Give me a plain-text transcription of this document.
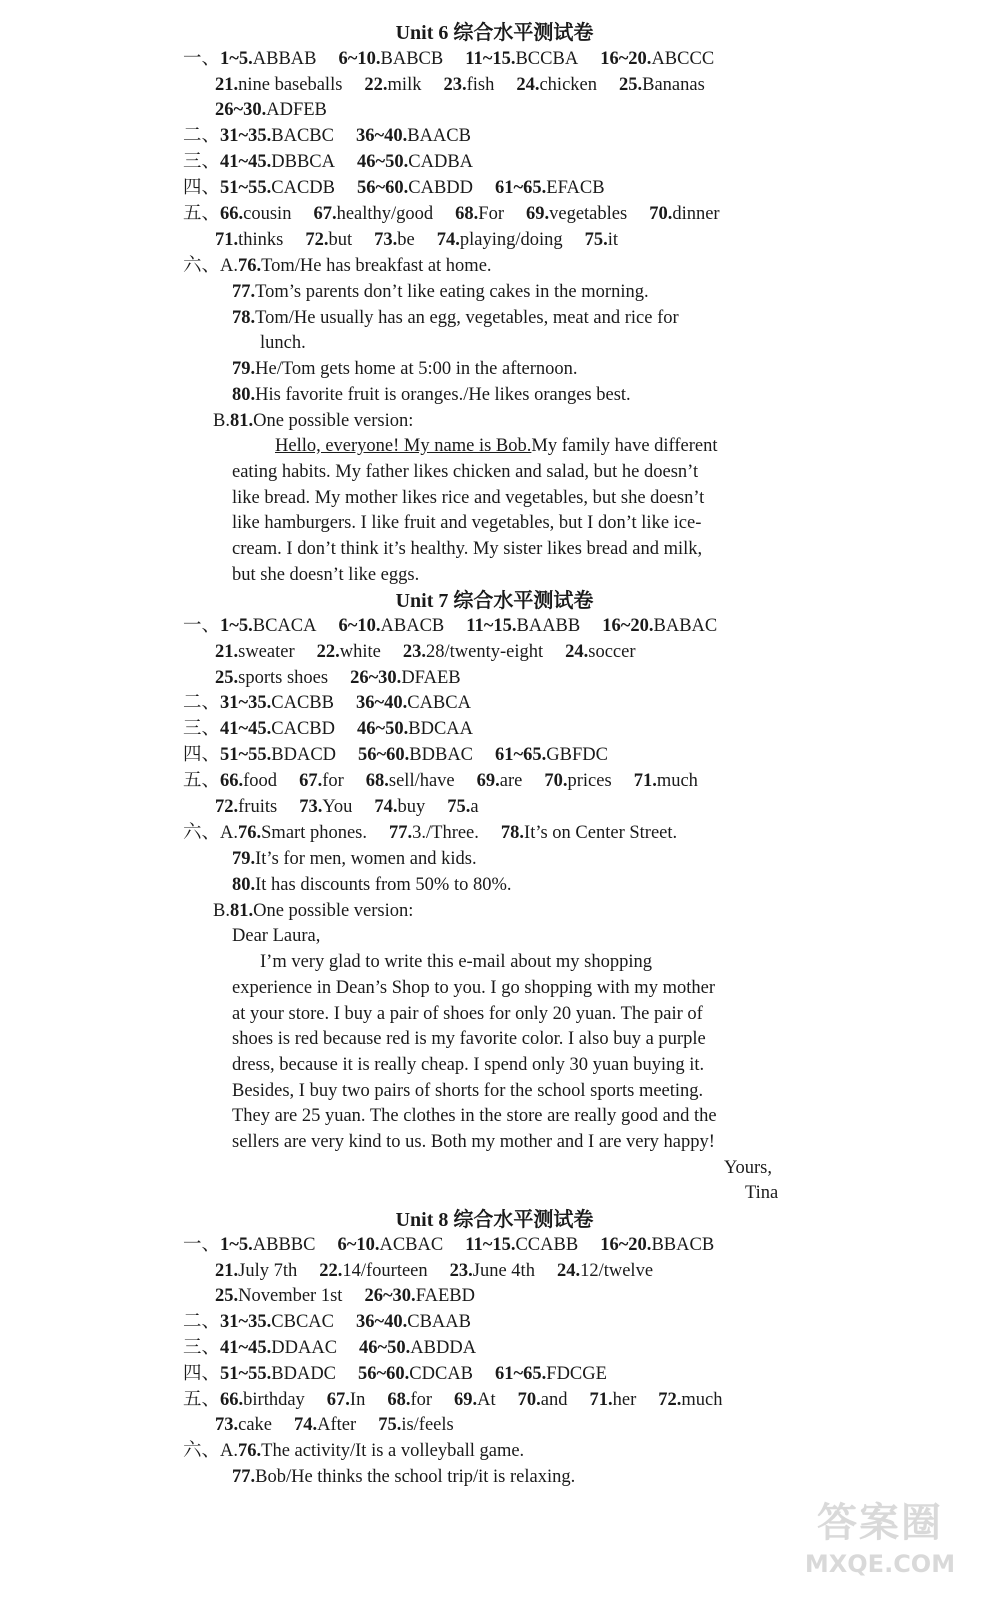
Unit 6 综合水平测试卷
一、1~5.ABBAB 6~10.BABCB 11~15.BCCBA 16~20.ABCCC
21.nine baseballs 22.milk 23.fish 24.chicken 25.Bananas
26~30.ADFEB
二、31~35.BACBC 36~40.BAACB
三、41~45.DBBCA 46~50.CADBA
四、51~55.CACDB 56~60.CABDD 61~65.EFACB
五、66.cousin 67.healthy/good 68.For 69.vegetables 70.dinner
71.thinks 72.but 73.be 74.playing/doing 75.it
六、A.76.Tom/He has breakfast at home.
77.Tom’s parents don’t like eating cakes in the morning.
78.Tom/He usually has an egg, vegetables, meat and rice for
lunch.
79.He/Tom gets home at 5:00 in the afternoon.
80.His favorite fruit is oranges./He likes oranges best.
B.81.One possible version:
Hello, everyone! My name is Bob.My family have different
eating habits. My father likes chicken and salad, but he doesn’t
like bread. My mother likes rice and vegetables, but she doesn’t
like hamburgers. I like fruit and vegetables, but I don’t like ice-
cream. I don’t think it’s healthy. My sister likes bread and milk,
but she doesn’t like eggs.
Unit 7 综合水平测试卷
一、1~5.BCACA 6~10.ABACB 11~15.BAABB 16~20.BABAC
21.sweater 22.white 23.28/twenty-eight 24.soccer
25.sports shoes 26~30.DFAEB
二、31~35.CACBB 36~40.CABCA
三、41~45.CACBD 46~50.BDCAA
四、51~55.BDACD 56~60.BDBAC 61~65.GBFDC
五、66.food 67.for 68.sell/have 69.are 70.prices 71.much
72.fruits 73.You 74.buy 75.a
六、A.76.Smart phones. 77.3./Three. 78.It’s on Center Street.
79.It’s for men, women and kids.
80.It has discounts from 50% to 80%.
B.81.One possible version:
Dear Laura,
I’m very glad to write this e-mail about my shopping
experience in Dean’s Shop to you. I go shopping with my mother
at your store. I buy a pair of shoes for only 20 yuan. The pair of
shoes is red because red is my favorite color. I also buy a purple
dress, because it is really cheap. I spend only 30 yuan buying it.
Besides, I buy two pairs of shorts for the school sports meeting.
They are 25 yuan. The clothes in the store are really good and the
sellers are very kind to us. Both my mother and I are very happy!
Yours,
Tina
Unit 8 综合水平测试卷
一、1~5.ABBBC 6~10.ACBAC 11~15.CCABB 16~20.BBACB
21.July 7th 22.14/fourteen 23.June 4th 24.12/twelve
25.November 1st 26~30.FAEBD
二、31~35.CBCAC 36~40.CBAAB
三、41~45.DDAAC 46~50.ABDDA
四、51~55.BDADC 56~60.CDCAB 61~65.FDCGE
五、66.birthday 67.In 68.for 69.At 70.and 71.her 72.much
73.cake 74.After 75.is/feels
六、A.76.The activity/It is a volleyball game.
77.Bob/He thinks the school trip/it is relaxing.
答案圈
MXQE.COM
